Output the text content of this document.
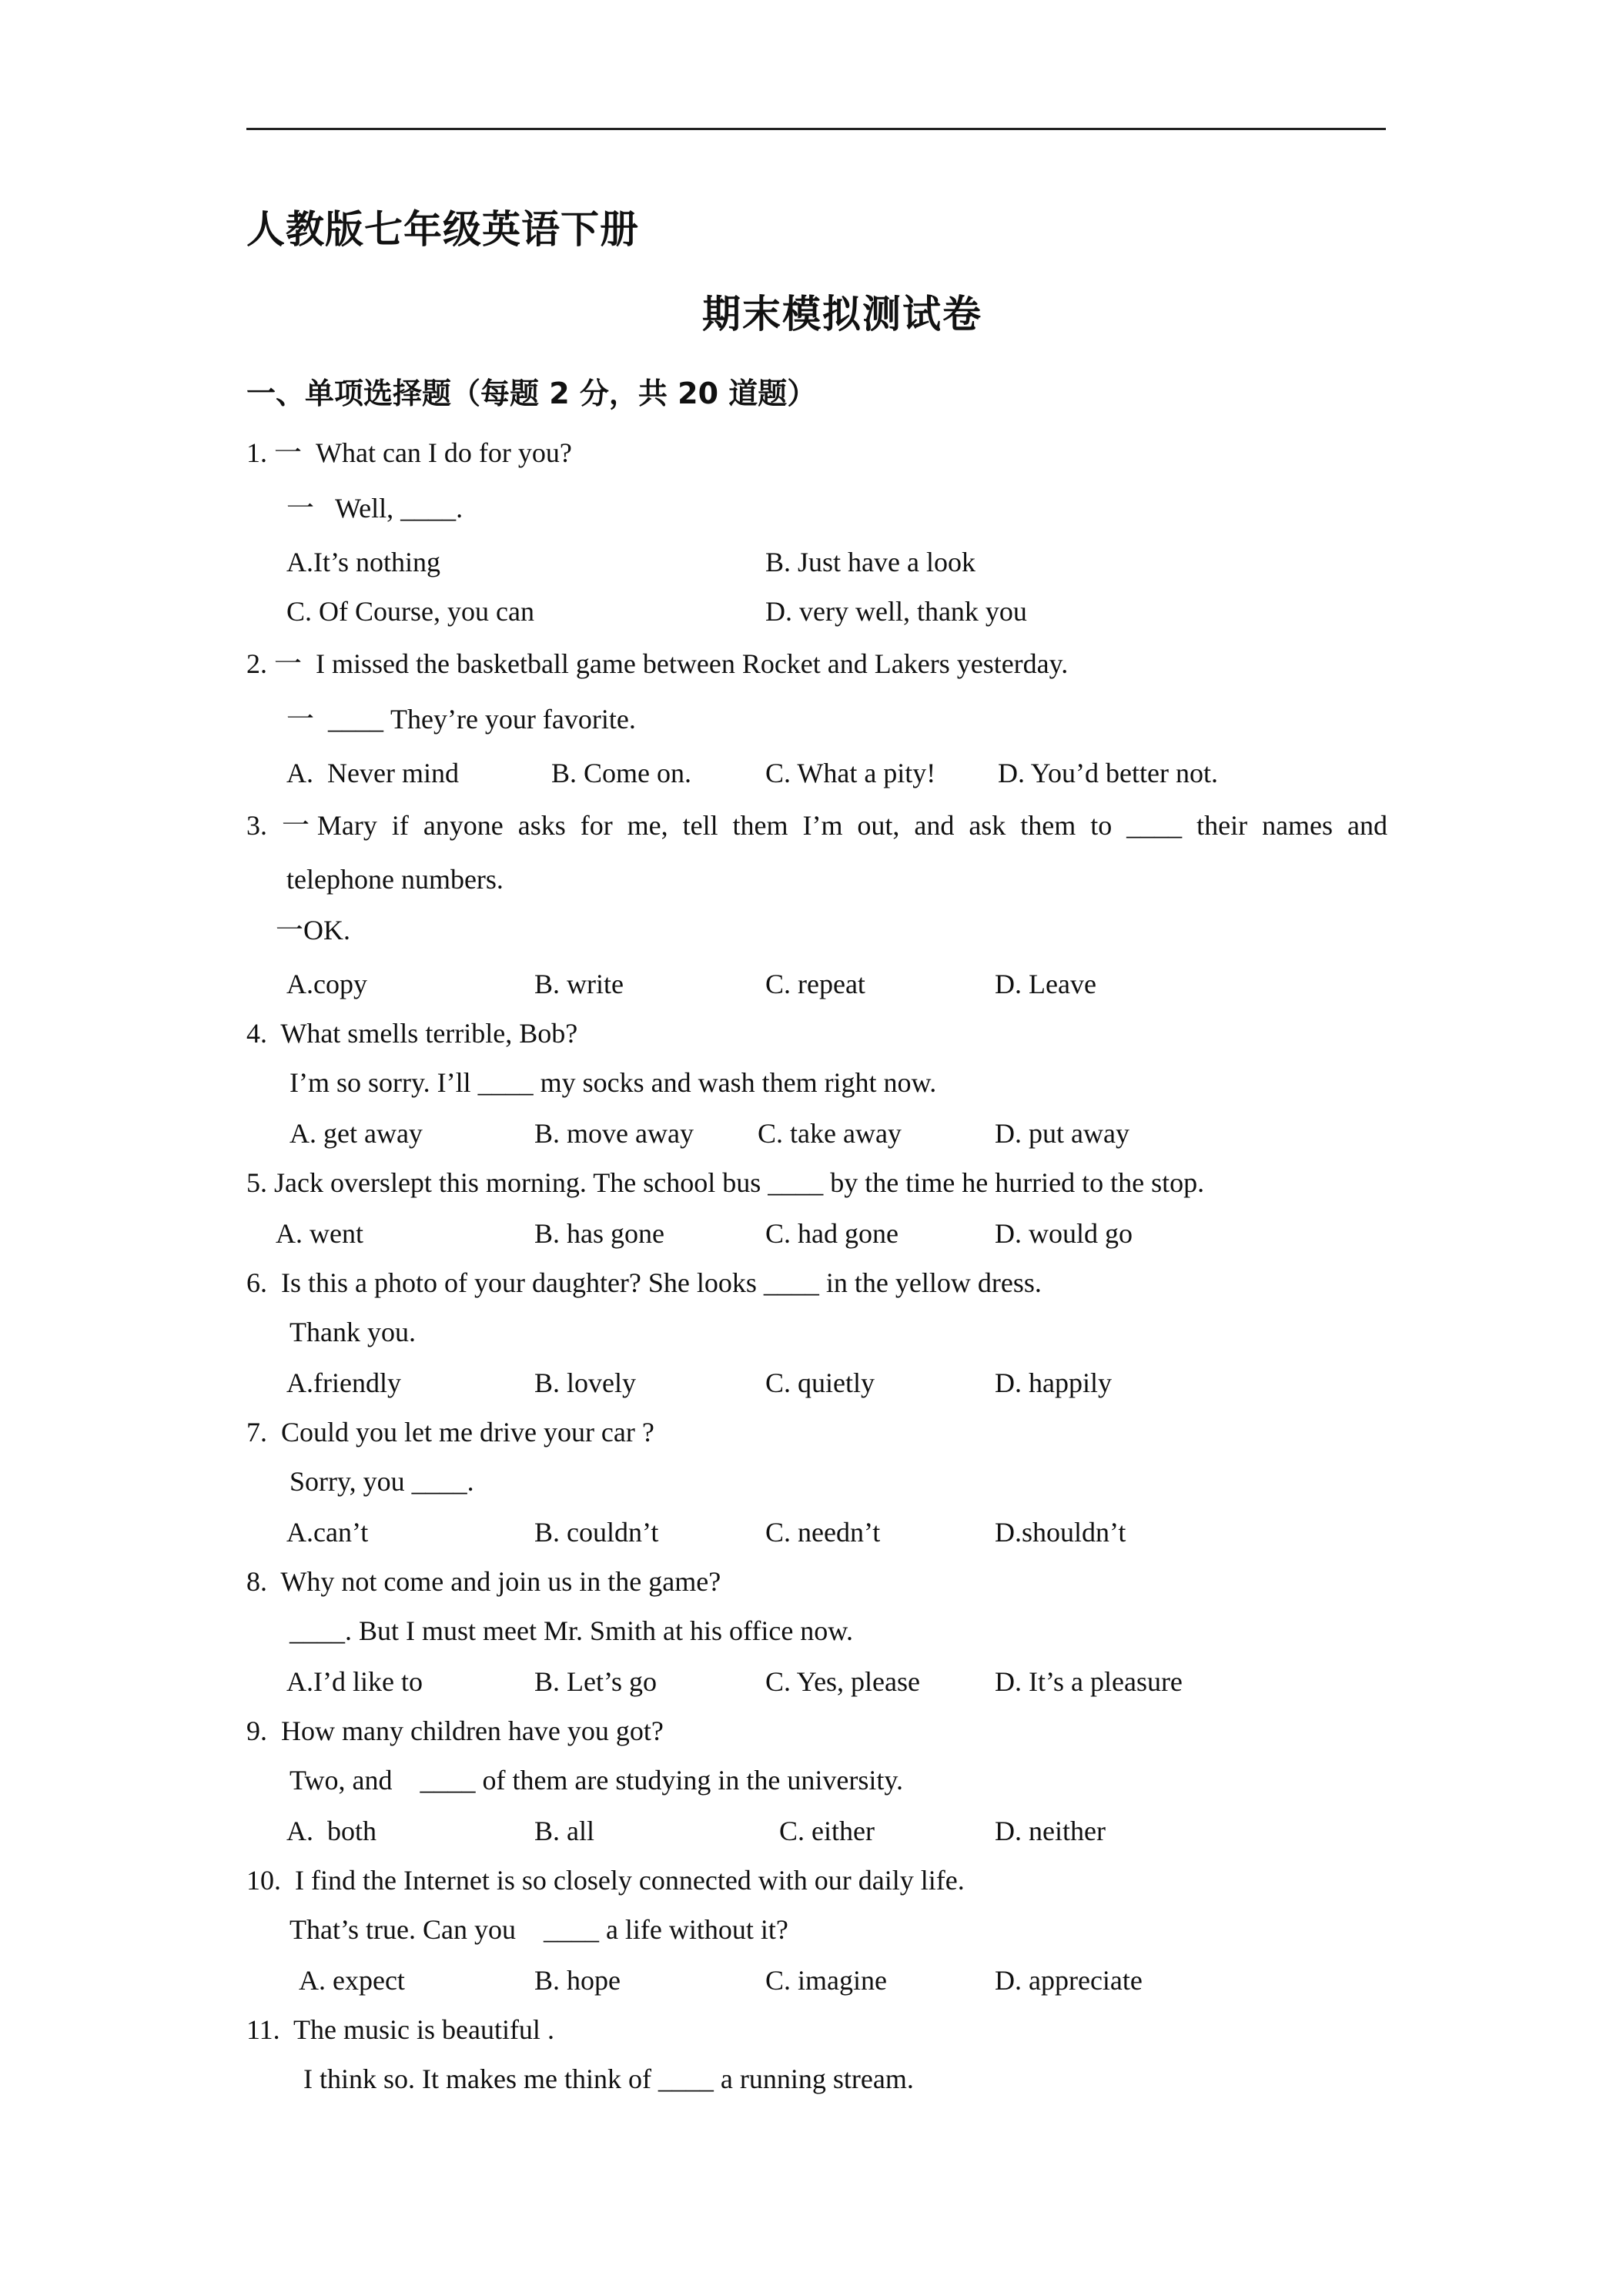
人教版七年级英语下册
期末模拟测试卷
一、单项选择题（每题 2 分，共 20 道题）
1. 一  What can I do for you?
一   Well, ____.
A.It’s nothing	B. Just have a look
C. Of Course, you can	D. very well, thank you
2. 一  I missed the basketball game between Rocket and Lakers yesterday.
一  ____ They’re your favorite.
A.  Never mind	B. Come on.	C. What a pity! D. You’d better not.
3. 一Mary if anyone asks for me, tell them I’m out, and ask them to ____ their names and
telephone numbers.
一OK.
A.copy	B. write	C. repeat	D. Leave
4.  What smells terrible, Bob?
I’m so sorry. I’ll ____ my socks and wash them right now.
A. get away	B. move away C. take away	D. put away
5. Jack overslept this morning. The school bus ____ by the time he hurried to the stop.
A. went	B. has gone	C. had gone	D. would go
6.  Is this a photo of your daughter? She looks ____ in the yellow dress.
Thank you.
A.friendly	B. lovely	C. quietly	D. happily
7.  Could you let me drive your car ?
Sorry, you ____.
A.can’t	B. couldn’t	C. needn’t	D.shouldn’t
8.  Why not come and join us in the game?
____. But I must meet Mr. Smith at his office now.
A.I’d like to	B. Let’s go	C. Yes, please	D. It’s a pleasure
9.  How many children have you got?
Two, and    ____ of them are studying in the university.
A.  both	B. all	C. either	D. neither
10.  I find the Internet is so closely connected with our daily life.
That’s true. Can you    ____ a life without it?
A. expect	B. hope	C. imagine	D. appreciate
11.  The music is beautiful .
I think so. It makes me think of ____ a running stream.
